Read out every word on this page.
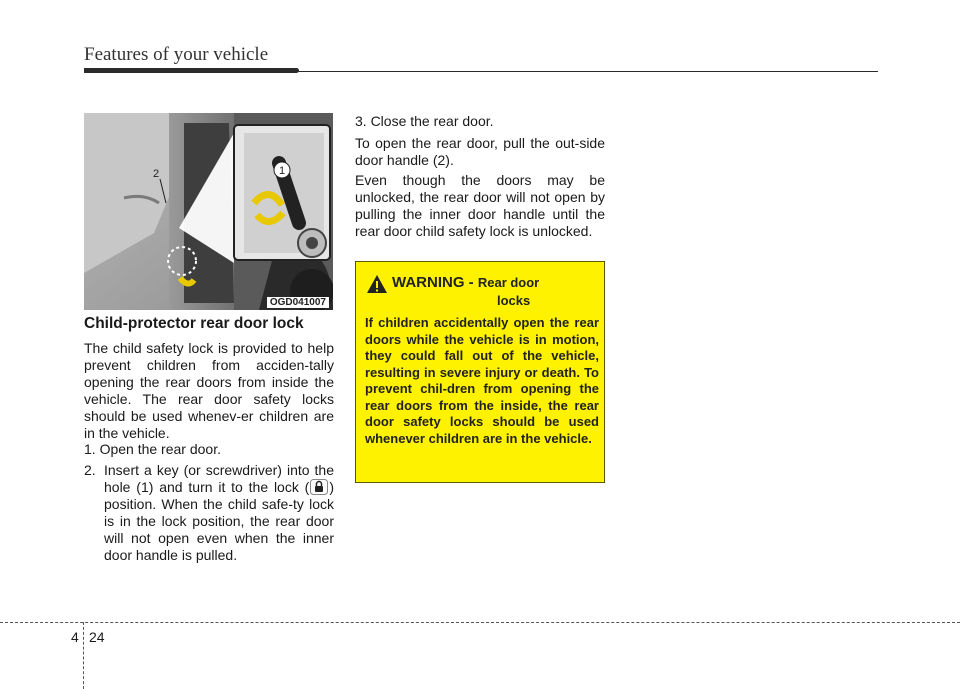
Features of your vehicle
1
2
OGD041007
Child-protector rear door lock
The child safety lock is provided to help prevent children from acciden-tally opening the rear doors from inside the vehicle. The rear door safety locks should be used whenev-er children are in the vehicle.
1. Open the rear door.
2. Insert a key (or screwdriver) into the hole (1) and turn it to the lock ( ) position. When the child safe-ty lock is in the lock position, the rear door will not open even when the inner door handle is pulled.
3. Close the rear door.
To open the rear door, pull the out-side door handle (2).
Even though the doors may be unlocked, the rear door will not open by pulling the inner door handle until the rear door child safety lock is unlocked.
WARNING - Rear door
locks
If children accidentally open the rear doors while the vehicle is in motion, they could fall out of the vehicle, resulting in severe injury or death. To prevent chil-dren from opening the rear doors from the inside, the rear door safety locks should be used whenever children are in the vehicle.
4 24
